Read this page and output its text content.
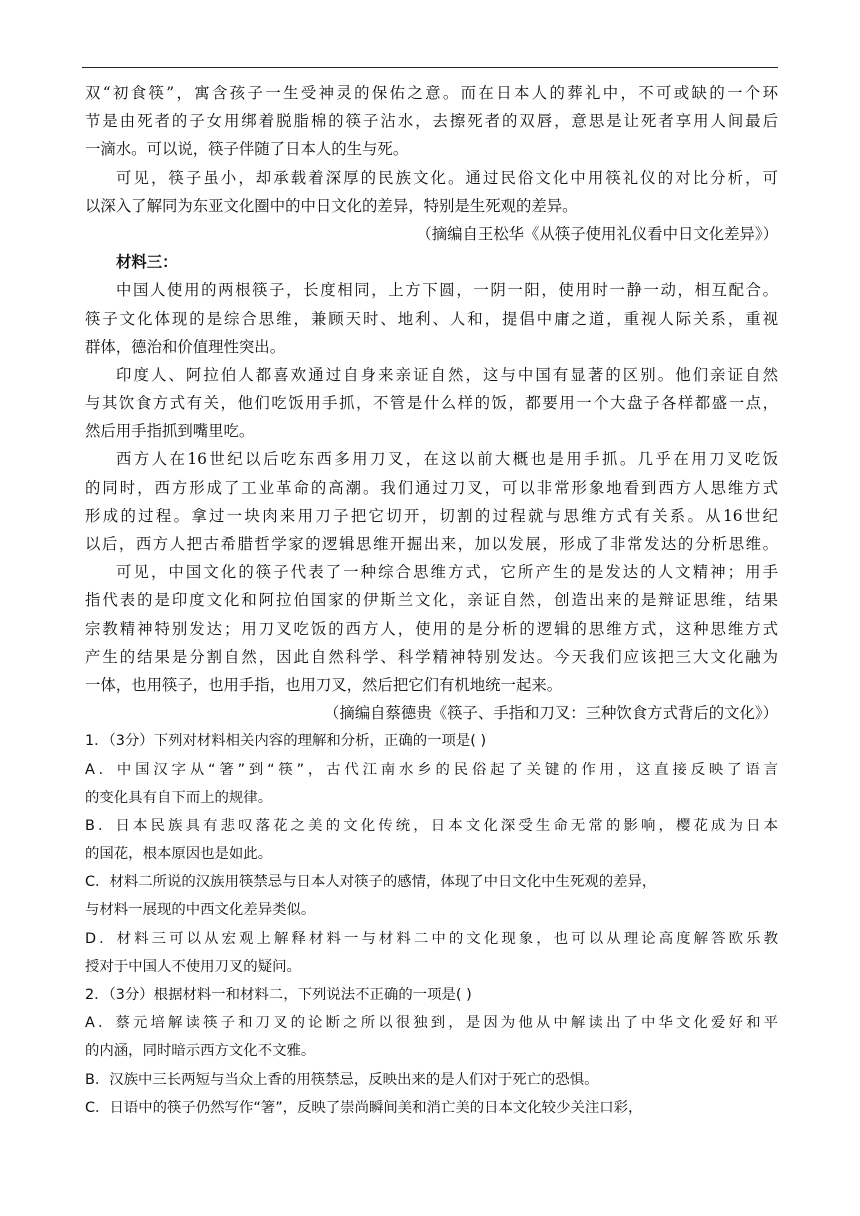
双“初食筷”，寓含孩子一生受神灵的保佑之意。而在日本人的葬礼中，不可或缺的一个环
节是由死者的子女用绑着脱脂棉的筷子沾水，去擦死者的双唇，意思是让死者享用人间最后
一滴水。可以说，筷子伴随了日本人的生与死。
可见，筷子虽小，却承载着深厚的民族文化。通过民俗文化中用筷礼仪的对比分析，可
以深入了解同为东亚文化圈中的中日文化的差异，特别是生死观的差异。
（摘编自王松华《从筷子使用礼仪看中日文化差异》）
材料三：
中国人使用的两根筷子，长度相同，上方下圆，一阴一阳，使用时一静一动，相互配合。
筷子文化体现的是综合思维，兼顾天时、地利、人和，提倡中庸之道，重视人际关系，重视
群体，德治和价值理性突出。
印度人、阿拉伯人都喜欢通过自身来亲证自然，这与中国有显著的区别。他们亲证自然
与其饮食方式有关，他们吃饭用手抓，不管是什么样的饭，都要用一个大盘子各样都盛一点，
然后用手指抓到嘴里吃。
西方人在16世纪以后吃东西多用刀叉，在这以前大概也是用手抓。几乎在用刀叉吃饭
的同时，西方形成了工业革命的高潮。我们通过刀叉，可以非常形象地看到西方人思维方式
形成的过程。拿过一块肉来用刀子把它切开，切割的过程就与思维方式有关系。从16世纪
以后，西方人把古希腊哲学家的逻辑思维开掘出来，加以发展，形成了非常发达的分析思维。
可见，中国文化的筷子代表了一种综合思维方式，它所产生的是发达的人文精神；用手
指代表的是印度文化和阿拉伯国家的伊斯兰文化，亲证自然，创造出来的是辩证思维，结果
宗教精神特别发达；用刀叉吃饭的西方人，使用的是分析的逻辑的思维方式，这种思维方式
产生的结果是分割自然，因此自然科学、科学精神特别发达。今天我们应该把三大文化融为
一体，也用筷子，也用手指，也用刀叉，然后把它们有机地统一起来。
（摘编自蔡德贵《筷子、手指和刀叉：三种饮食方式背后的文化》）
1．（3分）下列对材料相关内容的理解和分析，正确的一项是( )
A．中国汉字从“箸”到“筷”，古代江南水乡的民俗起了关键的作用，这直接反映了语言
的变化具有自下而上的规律。
B．日本民族具有悲叹落花之美的文化传统，日本文化深受生命无常的影响，樱花成为日本
的国花，根本原因也是如此。
C．材料二所说的汉族用筷禁忌与日本人对筷子的感情，体现了中日文化中生死观的差异，
与材料一展现的中西文化差异类似。
D．材料三可以从宏观上解释材料一与材料二中的文化现象，也可以从理论高度解答欧乐教
授对于中国人不使用刀叉的疑问。
2．（3分）根据材料一和材料二，下列说法不正确的一项是( )
A．蔡元培解读筷子和刀叉的论断之所以很独到，是因为他从中解读出了中华文化爱好和平
的内涵，同时暗示西方文化不文雅。
B．汉族中三长两短与当众上香的用筷禁忌，反映出来的是人们对于死亡的恐惧。
C．日语中的筷子仍然写作“箸”，反映了崇尚瞬间美和消亡美的日本文化较少关注口彩，
